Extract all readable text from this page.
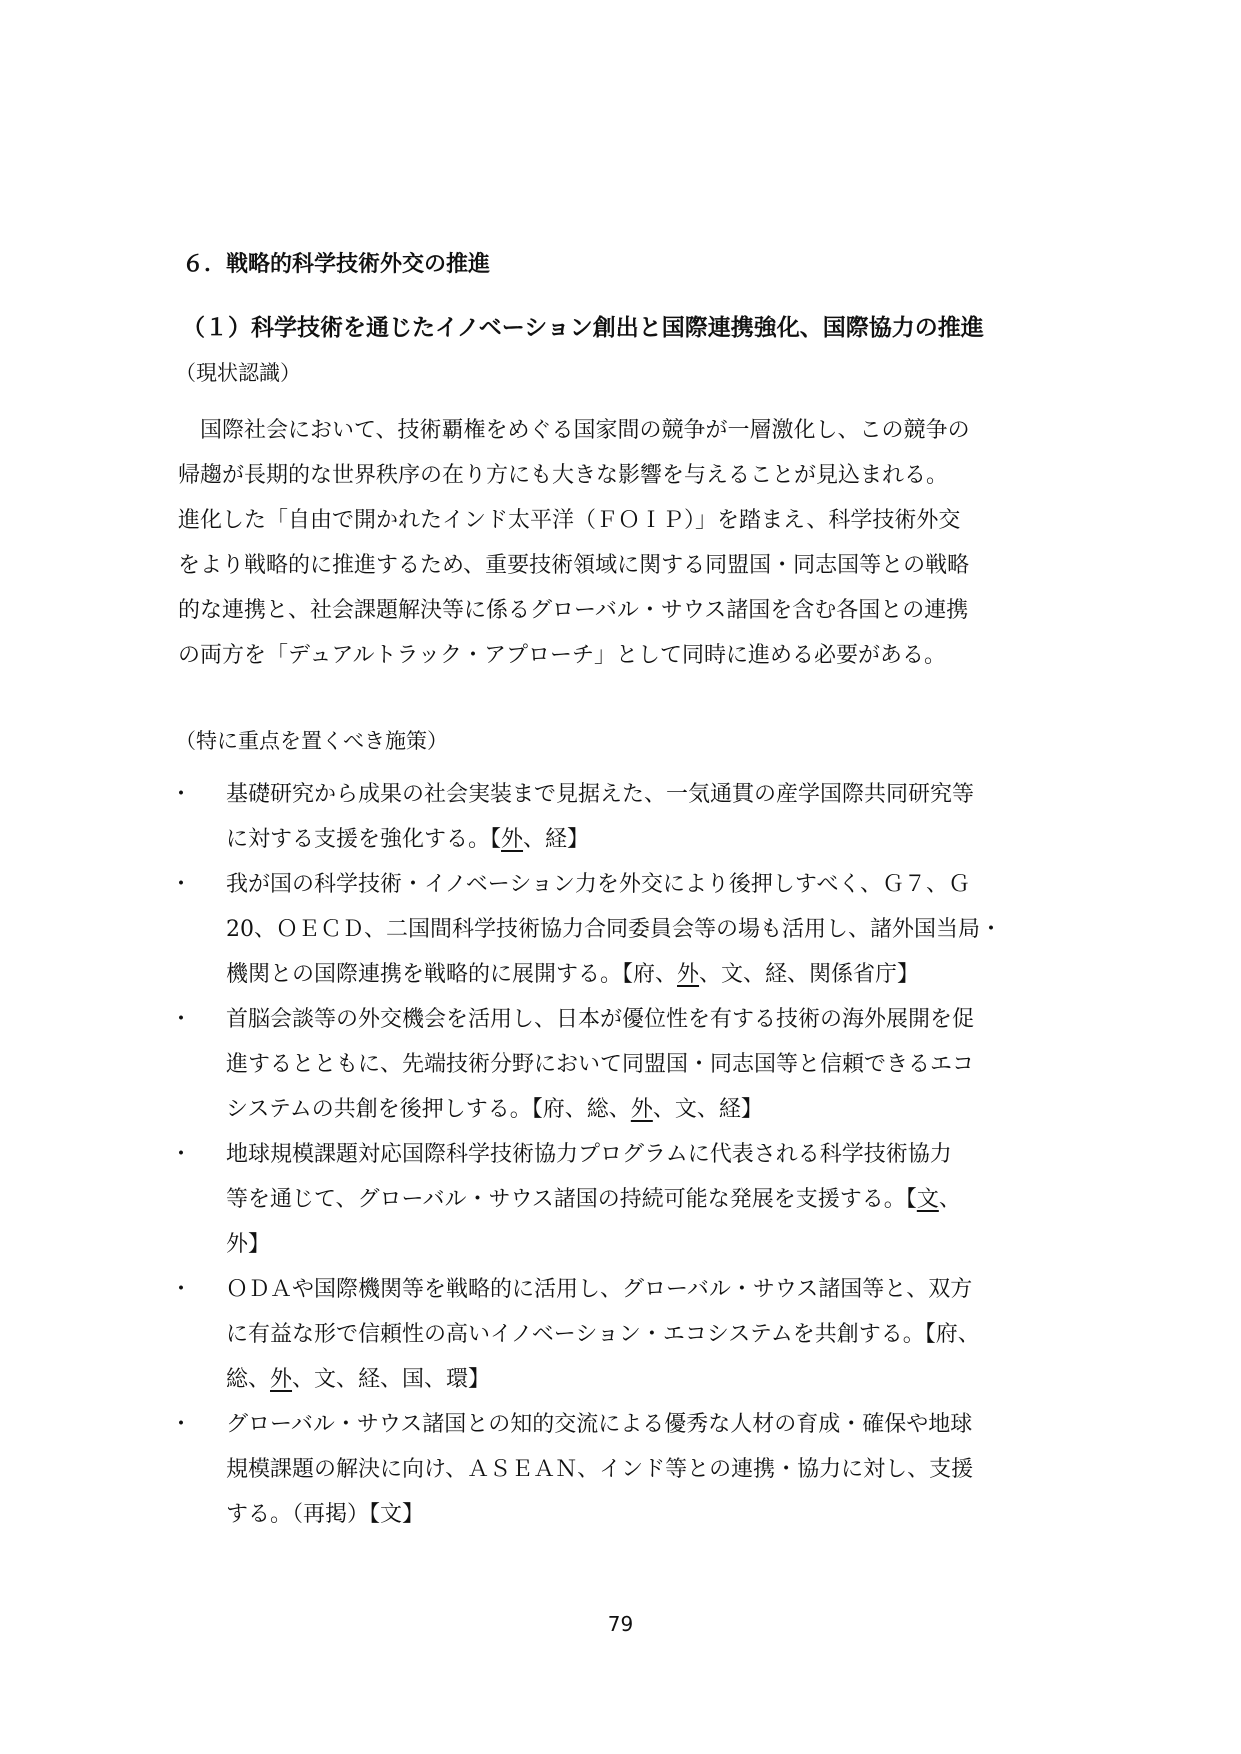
６．戦略的科学技術外交の推進
（１）科学技術を通じたイノベーション創出と国際連携強化、国際協力の推進
（現状認識）
　国際社会において、技術覇権をめぐる国家間の競争が一層激化し、この競争の
帰趨が長期的な世界秩序の在り方にも大きな影響を与えることが見込まれる。
進化した「自由で開かれたインド太平洋（ＦＯＩＰ）」を踏まえ、科学技術外交
をより戦略的に推進するため、重要技術領域に関する同盟国・同志国等との戦略
的な連携と、社会課題解決等に係るグローバル・サウス諸国を含む各国との連携
の両方を「デュアルトラック・アプローチ」として同時に進める必要がある。
（特に重点を置くべき施策）
・ 基礎研究から成果の社会実装まで見据えた、一気通貫の産学国際共同研究等
に対する支援を強化する。【外、経】
・ 我が国の科学技術・イノベーション力を外交により後押しすべく、Ｇ７、Ｇ
20、ＯＥＣＤ、二国間科学技術協力合同委員会等の場も活用し、諸外国当局・
機関との国際連携を戦略的に展開する。【府、外、文、経、関係省庁】
・ 首脳会談等の外交機会を活用し、日本が優位性を有する技術の海外展開を促
進するとともに、先端技術分野において同盟国・同志国等と信頼できるエコ
システムの共創を後押しする。【府、総、外、文、経】
・ 地球規模課題対応国際科学技術協力プログラムに代表される科学技術協力
等を通じて、グローバル・サウス諸国の持続可能な発展を支援する。【文、
外】
・ ＯＤＡや国際機関等を戦略的に活用し、グローバル・サウス諸国等と、双方
に有益な形で信頼性の高いイノベーション・エコシステムを共創する。【府、
総、外、文、経、国、環】
・ グローバル・サウス諸国との知的交流による優秀な人材の育成・確保や地球
規模課題の解決に向け、ＡＳＥＡＮ、インド等との連携・協力に対し、支援
する。（再掲）【文】
79
